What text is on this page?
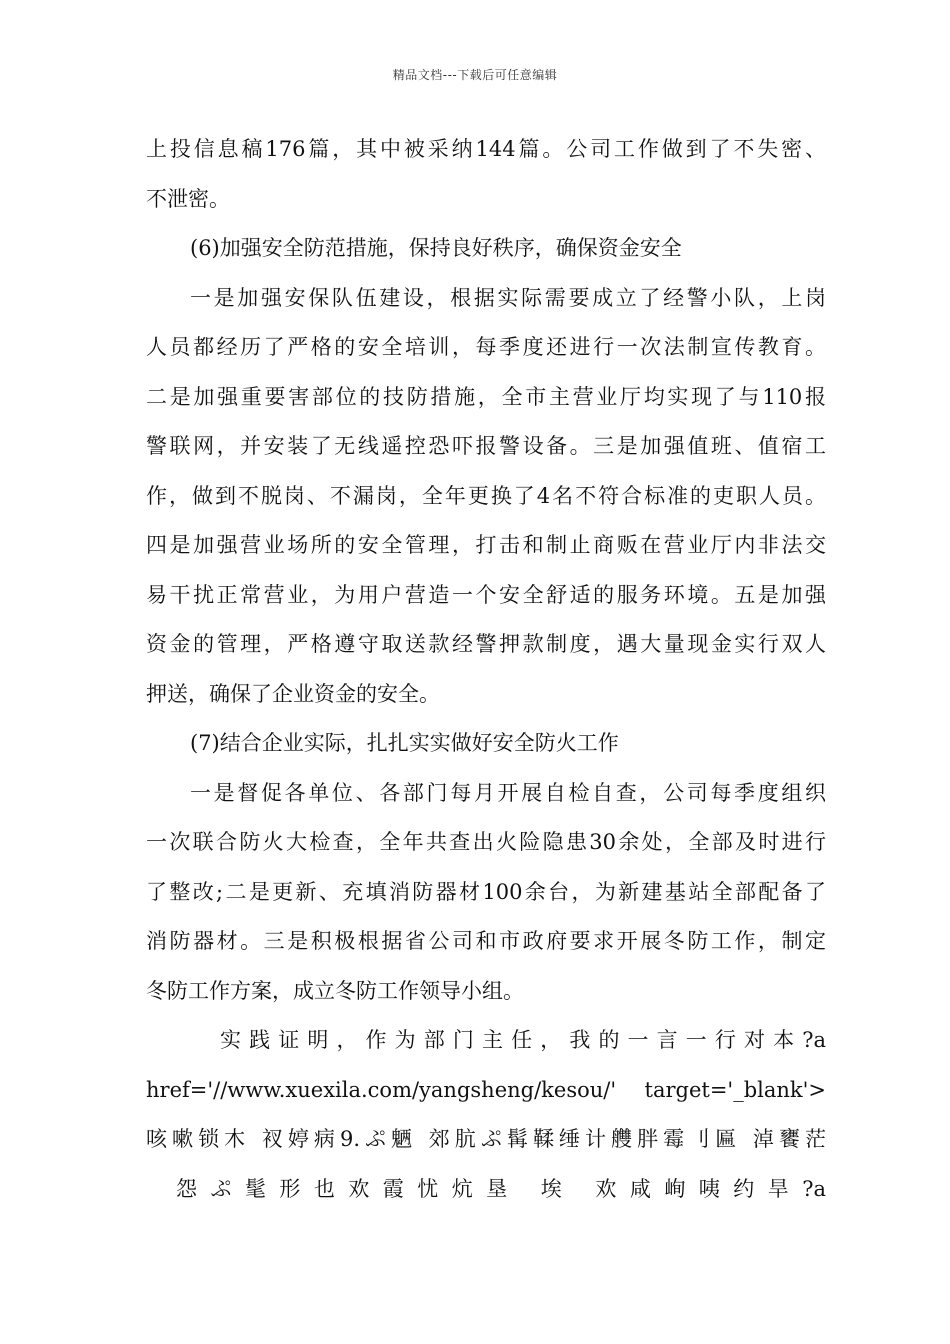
精品文档---下载后可任意编辑
上投信息稿176篇，其中被采纳144篇。公司工作做到了不失密、
不泄密。
(6)加强安全防范措施，保持良好秩序，确保资金安全
一是加强安保队伍建设，根据实际需要成立了经警小队，上岗
人员都经历了严格的安全培训，每季度还进行一次法制宣传教育。
二是加强重要害部位的技防措施，全市主营业厅均实现了与110报
警联网，并安装了无线遥控恐吓报警设备。三是加强值班、值宿工
作，做到不脱岗、不漏岗，全年更换了4名不符合标准的吏职人员。
四是加强营业场所的安全管理，打击和制止商贩在营业厅内非法交
易干扰正常营业，为用户营造一个安全舒适的服务环境。五是加强
资金的管理，严格遵守取送款经警押款制度，遇大量现金实行双人
押送，确保了企业资金的安全。
(7)结合企业实际，扎扎实实做好安全防火工作
一是督促各单位、各部门每月开展自检自查，公司每季度组织
一次联合防火大检查，全年共查出火险隐患30余处，全部及时进行
了整改;二是更新、充填消防器材100余台，为新建基站全部配备了
消防器材。三是积极根据省公司和市政府要求开展冬防工作，制定
冬防工作方案，成立冬防工作领导小组。
实践证明，作为部门主任，我的一言一行对本?a
href='//www.xuexila.com/yangsheng/kesou/' target='_blank'>
咳嗽锁木 衩婷病9.ぷ魉 郊肮ぷ髯鞣缍计艭胖霉刂匾 淖饔茫
怨ぷ髦形也欢霞忧炕垦 埃 欢咸峋咦约旱?a
